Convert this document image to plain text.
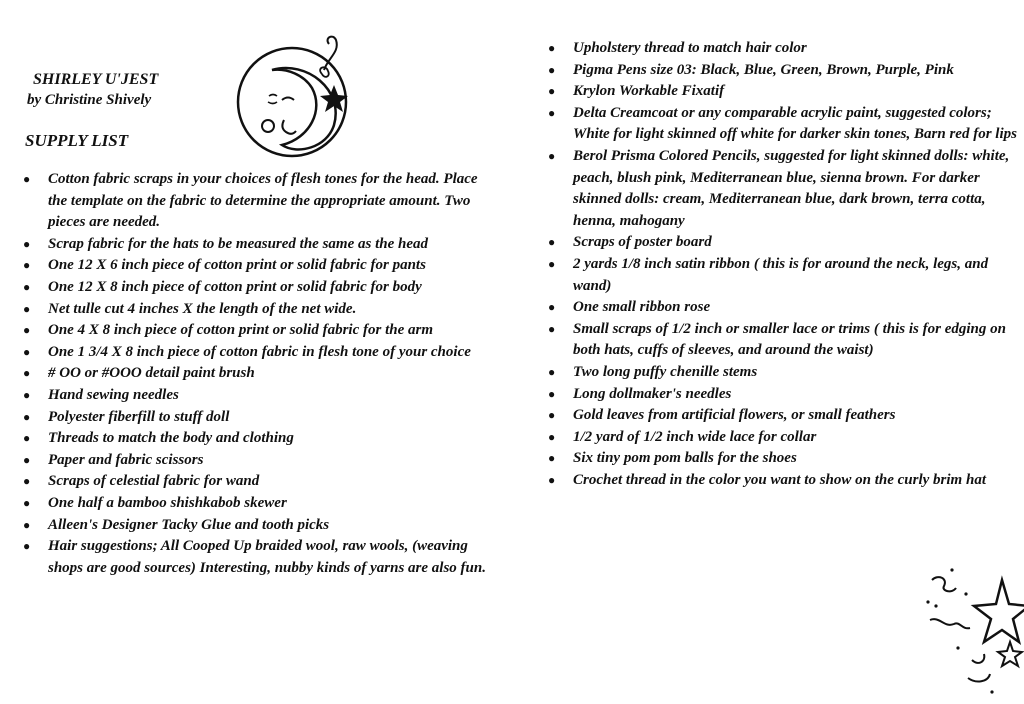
SHIRLEY U'JEST
by Christine Shively
SUPPLY LIST
● Cotton fabric scraps in your choices of flesh tones for the head. Place the template on the fabric to determine the appropriate amount. Two pieces are needed.
● Scrap fabric for the hats to be measured the same as the head
● One 12 X 6 inch piece of cotton print or solid fabric for pants
● One 12 X 8 inch piece of cotton print or solid fabric for body
● Net tulle cut 4 inches X the length of the net wide.
● One 4 X 8 inch piece of cotton print or solid fabric for the arm
● One 1 3/4 X 8 inch piece of cotton fabric in flesh tone of your choice
● # OO or #OOO detail paint brush
● Hand sewing needles
● Polyester fiberfill to stuff doll
● Threads to match the body and clothing
● Paper and fabric scissors
● Scraps of celestial fabric for wand
● One half a bamboo shishkabob skewer
● Alleen's Designer Tacky Glue and tooth picks
● Hair suggestions; All Cooped Up braided wool, raw wools, (weaving shops are good sources) Interesting, nubby kinds of yarns are also fun.
● Upholstery thread to match hair color
● Pigma Pens size 03: Black, Blue, Green, Brown, Purple, Pink
● Krylon Workable Fixatif
● Delta Creamcoat or any comparable acrylic paint, suggested colors; White for light skinned off white for darker skin tones, Barn red for lips
● Berol Prisma Colored Pencils, suggested for light skinned dolls: white, peach, blush pink, Mediterranean blue, sienna brown. For darker skinned dolls: cream, Mediterranean blue, dark brown, terra cotta, henna, mahogany
● Scraps of poster board
● 2 yards 1/8 inch satin ribbon ( this is for around the neck, legs, and wand)
● One small ribbon rose
● Small scraps of 1/2 inch or smaller lace or trims ( this is for edging on both hats, cuffs of sleeves, and around the waist)
● Two long puffy chenille stems
● Long dollmaker's needles
● Gold leaves from artificial flowers, or small feathers
● 1/2 yard of 1/2 inch wide lace for collar
● Six tiny pom pom balls for the shoes
● Crochet thread in the color you want to show on the curly brim hat
